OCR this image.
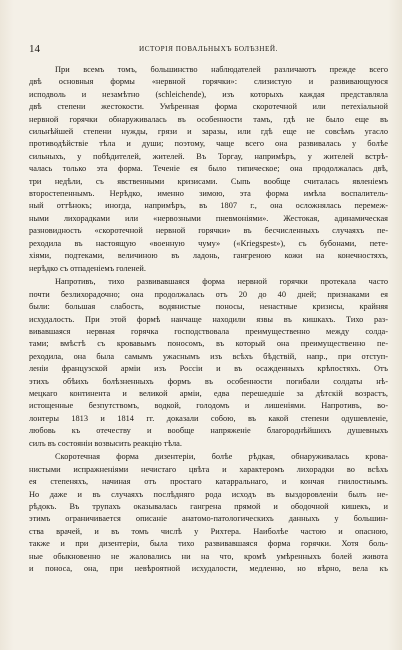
14	ИСТОРІЯ ПОВАЛЬНЫХЪ БОЛѢЗНЕЙ.
При всемъ томъ, большинство наблюдателей различаютъ прежде всего
двѣ основныя формы «нервной горячки»: слизистую и развивающуюся
исподволь и незамѣтно (schleichende), изъ которыхъ каждая представляла
двѣ степени жестокости. Умѣренная форма скоротечной или петехіальной
нервной горячки обнаруживалась въ особенности тамъ, гдѣ не было еще въ
сильнѣйшей степени нужды, грязи и заразы, или гдѣ еще не совсѣмъ угасло
противодѣйствіе тѣла и души; поэтому, чаще всего она развивалась у болѣе
сильныхъ, у побѣдителей, жителей. Въ Торгау, напримѣръ, у жителей встрѣ-
чалась только эта форма. Теченіе ея было типическое; она продолжалась двѣ,
три недѣли, съ явственными кризисами. Сыпь вообще считалась явленіемъ
второстепеннымъ. Нерѣдко, именно зимою, эта форма имѣла воспалитель-
ный оттѣнокъ; иногда, напримѣръ, въ 1807 г., она осложнялась перемеж-
ными лихорадками или «нервозными пневмоніями». Жестокая, адинамическая
разновидность «скоротечной нервной горячки» въ бесчисленныхъ случаяхъ пе-
реходила въ настоящую «военную чуму» («Kriegspest»), съ бубонами, пете-
хіями, подтеками, величиною въ ладонь, гангреною кожи на конечностяхъ,
нерѣдко съ отпаденіемъ голеней.
Напротивъ, тихо развивавшаяся форма нервной горячки протекала часто
почти безлихорадочно; она продолжалась отъ 20 до 40 дней; признаками ея
были: большая слабость, водянистые поносы, ненастные кризисы, крайняя
исхудалость. При этой формѣ нанчаще находили язвы въ кишкахъ. Тихо раз-
вивавшаяся нервная горячка господствовала преимущественно между солда-
тами; вмѣстѣ съ кровавымъ поносомъ, въ который она преимущественно пе-
реходила, она была самымъ ужаснымъ изъ всѣхъ бѣдствій, напр., при отступ-
леніи французской арміи изъ Россіи и въ осажденныхъ крѣпостяхъ. Отъ
этихъ обѣихъ болѣзненныхъ формъ въ особенности погибали солдаты нѣ-
мецкаго континента и великой арміи, едва перешедшіе за дѣтскій возрастъ,
истощенные безпутствомъ, водкой, голодомъ и лишеніями. Напротивъ, во-
лонтеры 1813 и 1814 гг. доказали собою, въ какой степени одушевленіе,
любовь къ отечеству и вообще напряженіе благороднѣйшихъ душевныхъ
силъ въ состояніи возвысить реакцію тѣла.
Скоротечная форма дизентеріи, болѣе рѣдкая, обнаруживалась крова-
нистыми испражненіями нечистаго цвѣта и характеромъ лихорадки во всѣхъ
ея степеняхъ, начиная отъ простаго катарральнаго, и кончая гнилостнымъ.
Но даже и въ случаяхъ послѣдняго рода исходъ въ выздоровленіи былъ не-
рѣдокъ. Въ трупахъ оказывалась гангрена прямой и ободочной кишекъ, и
этимъ ограничивается описаніе анатомо-патологическихъ данныхъ у большин-
ства врачей, и въ томъ числѣ у Рихтера. Наиболѣе частою и опасною,
также и при дизентеріи, была тихо развивавшаяся форма горячки. Хотя боль-
ные обыкновенно не жаловались ни на что, кромѣ умѣренныхъ болей живота
и поноса, она, при невѣроятной исхудалости, медленно, но вѣрно, вела къ
